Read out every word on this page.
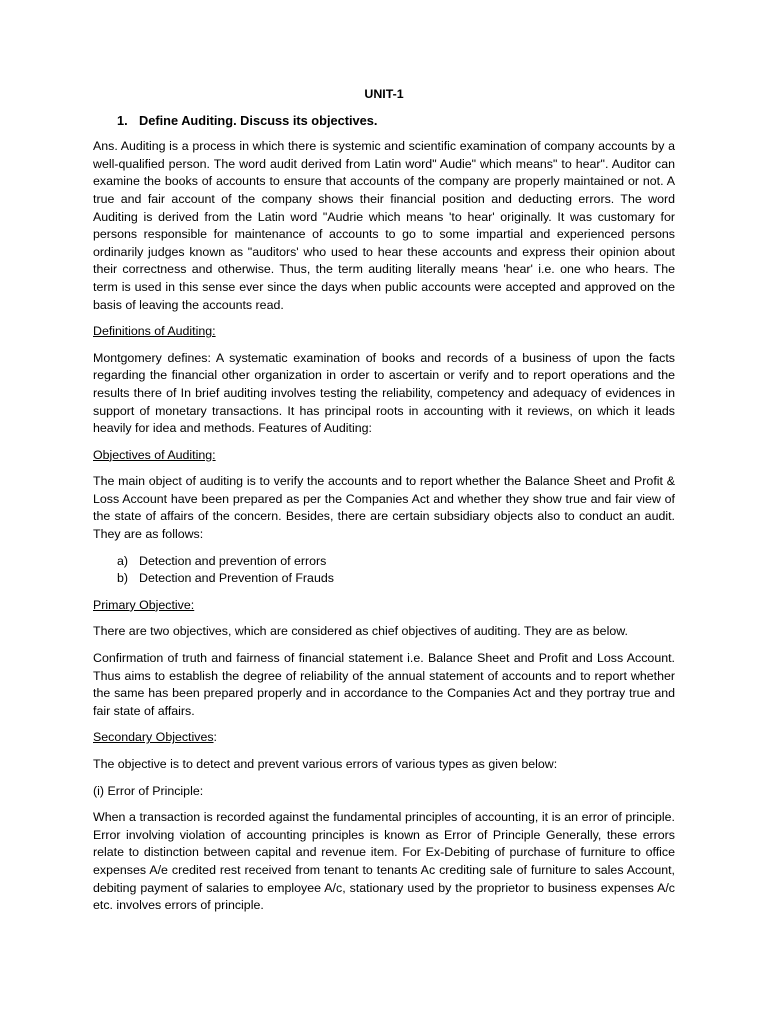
UNIT-1
1. Define Auditing. Discuss its objectives.

Ans. Auditing is a process in which there is systemic and scientific examination of company accounts by a well-qualified person. The word audit derived from Latin word" Audie" which means" to hear". Auditor can examine the books of accounts to ensure that accounts of the company are properly maintained or not. A true and fair account of the company shows their financial position and deducting errors. The word Auditing is derived from the Latin word "Audrie which means 'to hear' originally. It was customary for persons responsible for maintenance of accounts to go to some impartial and experienced persons ordinarily judges known as "auditors' who used to hear these accounts and express their opinion about their correctness and otherwise. Thus, the term auditing literally means 'hear' i.e. one who hears. The term is used in this sense ever since the days when public accounts were accepted and approved on the basis of leaving the accounts read.

Definitions of Auditing:

Montgomery defines: A systematic examination of books and records of a business of upon the facts regarding the financial other organization in order to ascertain or verify and to report operations and the results there of In brief auditing involves testing the reliability, competency and adequacy of evidences in support of monetary transactions. It has principal roots in accounting with it reviews, on which it leads heavily for idea and methods. Features of Auditing:

Objectives of Auditing:

The main object of auditing is to verify the accounts and to report whether the Balance Sheet and Profit & Loss Account have been prepared as per the Companies Act and whether they show true and fair view of the state of affairs of the concern. Besides, there are certain subsidiary objects also to conduct an audit. They are as follows:

a) Detection and prevention of errors
b) Detection and Prevention of Frauds
Primary Objective:

There are two objectives, which are considered as chief objectives of auditing. They are as below.

Confirmation of truth and fairness of financial statement i.e. Balance Sheet and Profit and Loss Account. Thus aims to establish the degree of reliability of the annual statement of accounts and to report whether the same has been prepared properly and in accordance to the Companies Act and they portray true and fair state of affairs.

Secondary Objectives:

The objective is to detect and prevent various errors of various types as given below:

(i) Error of Principle:

When a transaction is recorded against the fundamental principles of accounting, it is an error of principle. Error involving violation of accounting principles is known as Error of Principle Generally, these errors relate to distinction between capital and revenue item. For Ex-Debiting of purchase of furniture to office expenses A/e credited rest received from tenant to tenants Ac crediting sale of furniture to sales Account, debiting payment of salaries to employee A/c, stationary used by the proprietor to business expenses A/c etc. involves errors of principle.
